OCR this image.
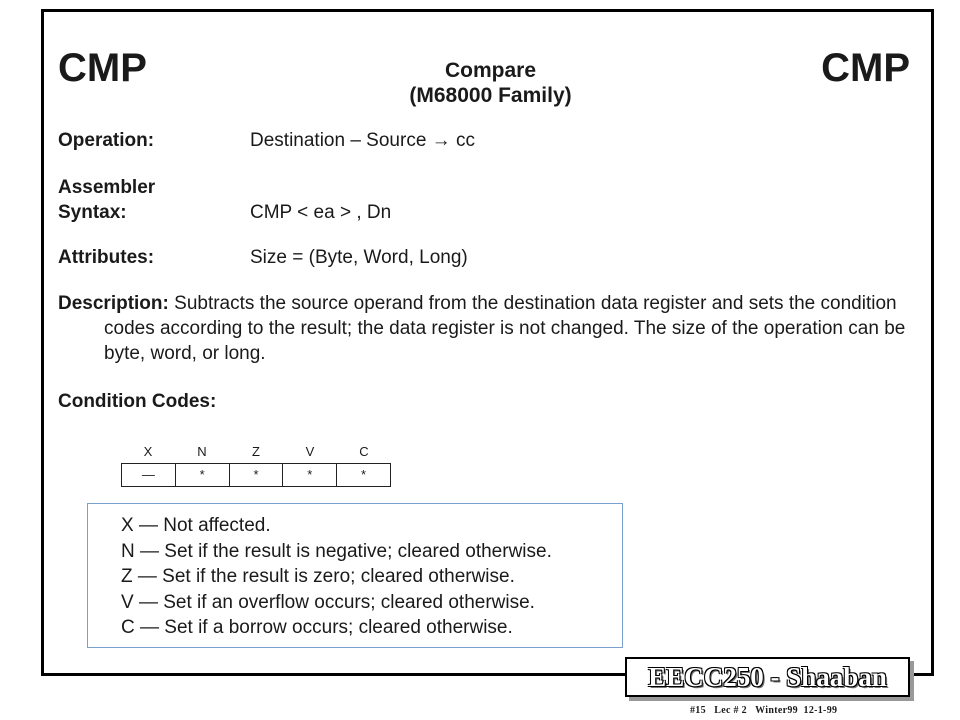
CMP	CMP
Compare
(M68000 Family)
Operation:	Destination – Source → cc
Assembler
Syntax:	CMP < ea > , Dn
Attributes:	Size = (Byte, Word, Long)
Description: Subtracts the source operand from the destination data register and sets the condition codes according to the result; the data register is not changed. The size of the operation can be byte, word, or long.
Condition Codes:
X	N	Z	V	C
—	*	*	*	*
X — Not affected.
N — Set if the result is negative; cleared otherwise.
Z — Set if the result is zero; cleared otherwise.
V — Set if an overflow occurs; cleared otherwise.
C — Set if a borrow occurs; cleared otherwise.
EECC250 - Shaaban
#15   Lec # 2   Winter99  12-1-99
